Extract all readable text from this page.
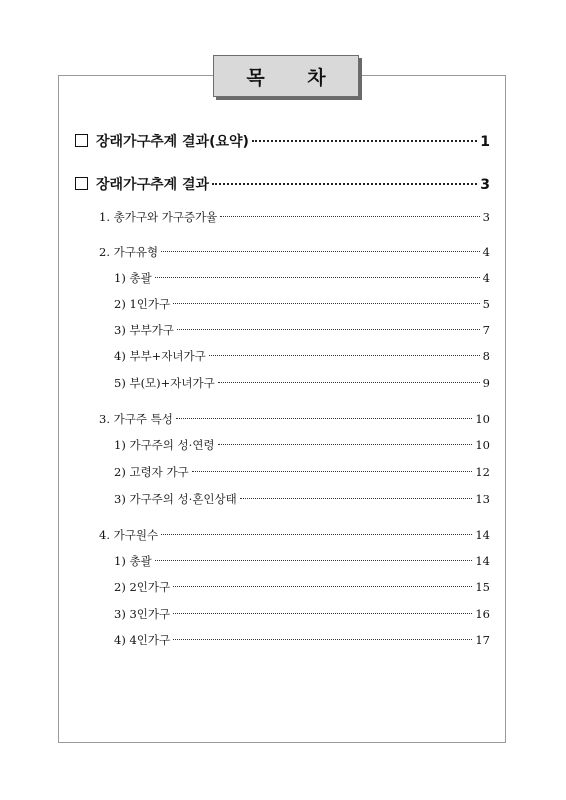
목 차
장래가구추계 결과(요약)	1
장래가구추계 결과	3
1. 총가구와 가구증가율	3
2. 가구유형	4
1) 총괄	4
2) 1인가구	5
3) 부부가구	7
4) 부부+자녀가구	8
5) 부(모)+자녀가구	9
3. 가구주 특성	10
1) 가구주의 성·연령	10
2) 고령자 가구	12
3) 가구주의 성·혼인상태	13
4. 가구원수	14
1) 총괄	14
2) 2인가구	15
3) 3인가구	16
4) 4인가구	17
